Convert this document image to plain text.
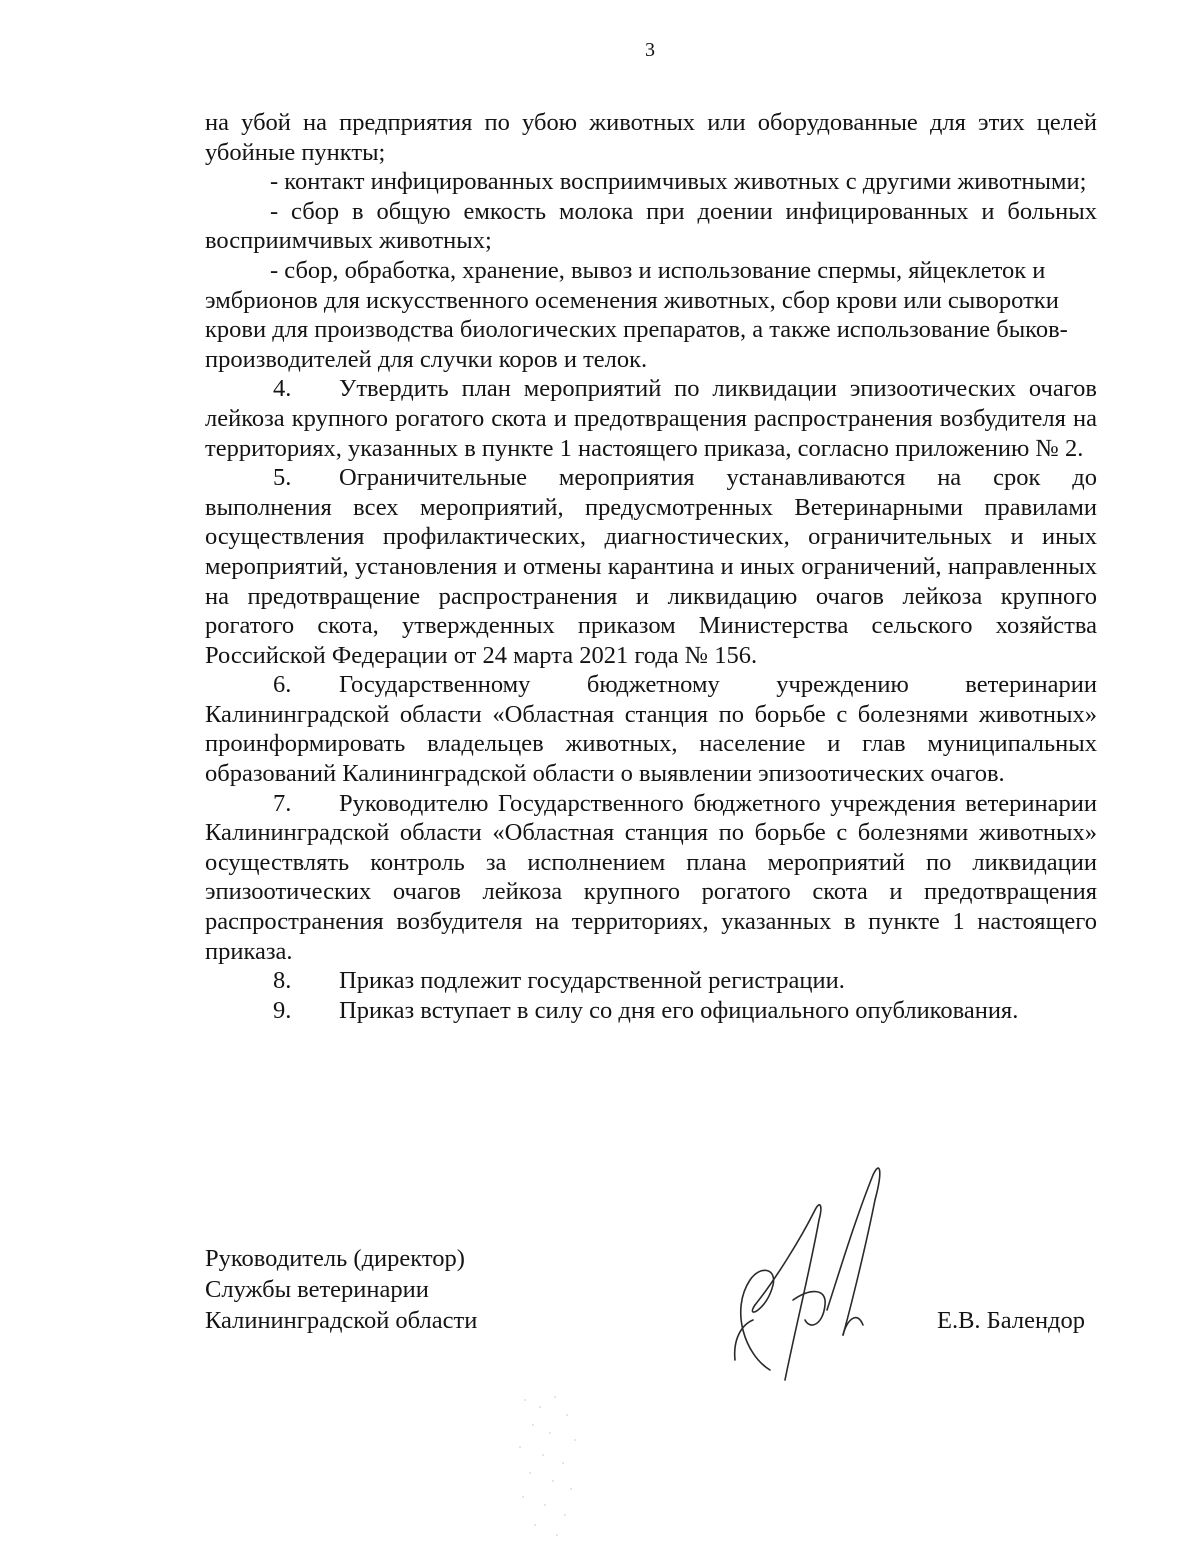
3

на убой на предприятия по убою животных или оборудованные для этих целей убойные пункты;

- контакт инфицированных восприимчивых животных с другими животными;

- сбор в общую емкость молока при доении инфицированных и больных восприимчивых животных;

- сбор, обработка, хранение, вывоз и использование спермы, яйцеклеток и эмбрионов для искусственного осеменения животных, сбор крови или сыворотки крови для производства биологических препаратов, а также использование быков-производителей для случки коров и телок.

4. Утвердить план мероприятий по ликвидации эпизоотических очагов лейкоза крупного рогатого скота и предотвращения распространения возбудителя на территориях, указанных в пункте 1 настоящего приказа, согласно приложению № 2.

5. Ограничительные мероприятия устанавливаются на срок до выполнения всех мероприятий, предусмотренных Ветеринарными правилами осуществления профилактических, диагностических, ограничительных и иных мероприятий, установления и отмены карантина и иных ограничений, направленных на предотвращение распространения и ликвидацию очагов лейкоза крупного рогатого скота, утвержденных приказом Министерства сельского хозяйства Российской Федерации от 24 марта 2021 года № 156.

6. Государственному бюджетному учреждению ветеринарии Калининградской области «Областная станция по борьбе с болезнями животных» проинформировать владельцев животных, население и глав муниципальных образований Калининградской области о выявлении эпизоотических очагов.

7. Руководителю Государственного бюджетного учреждения ветеринарии Калининградской области «Областная станция по борьбе с болезнями животных» осуществлять контроль за исполнением плана мероприятий по ликвидации эпизоотических очагов лейкоза крупного рогатого скота и предотвращения распространения возбудителя на территориях, указанных в пункте 1 настоящего приказа.

8. Приказ подлежит государственной регистрации.

9. Приказ вступает в силу со дня его официального опубликования.

Руководитель (директор)
Службы ветеринарии
Калининградской области	Е.В. Балендор
